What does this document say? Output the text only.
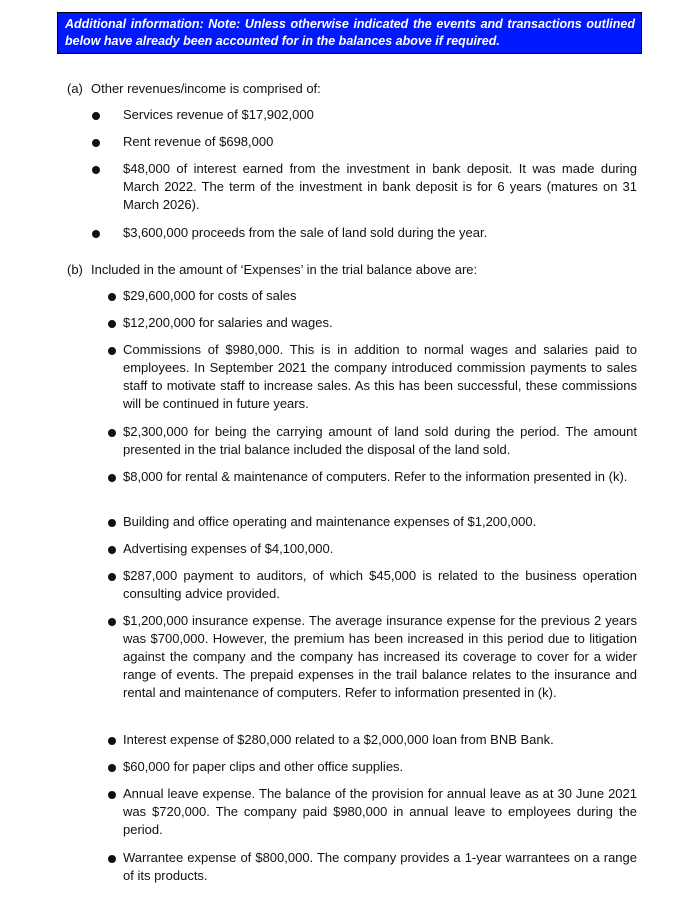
Additional information: Note: Unless otherwise indicated the events and transactions outlined below have already been accounted for in the balances above if required.
(a) Other revenues/income is comprised of:
Services revenue of $17,902,000
Rent revenue of $698,000
$48,000 of interest earned from the investment in bank deposit. It was made during March 2022. The term of the investment in bank deposit is for 6 years (matures on 31 March 2026).
$3,600,000 proceeds from the sale of land sold during the year.
(b) Included in the amount of ‘Expenses’ in the trial balance above are:
$29,600,000 for costs of sales
$12,200,000 for salaries and wages.
Commissions of $980,000. This is in addition to normal wages and salaries paid to employees. In September 2021 the company introduced commission payments to sales staff to motivate staff to increase sales. As this has been successful, these commissions will be continued in future years.
$2,300,000 for being the carrying amount of land sold during the period. The amount presented in the trial balance included the disposal of the land sold.
$8,000 for rental & maintenance of computers. Refer to the information presented in (k).
Building and office operating and maintenance expenses of $1,200,000.
Advertising expenses of $4,100,000.
$287,000 payment to auditors, of which $45,000 is related to the business operation consulting advice provided.
$1,200,000 insurance expense. The average insurance expense for the previous 2 years was $700,000. However, the premium has been increased in this period due to litigation against the company and the company has increased its coverage to cover for a wider range of events. The prepaid expenses in the trail balance relates to the insurance and rental and maintenance of computers. Refer to information presented in (k).
Interest expense of $280,000 related to a $2,000,000 loan from BNB Bank.
$60,000 for paper clips and other office supplies.
Annual leave expense. The balance of the provision for annual leave as at 30 June 2021 was $720,000. The company paid $980,000 in annual leave to employees during the period.
Warrantee expense of $800,000. The company provides a 1-year warrantees on a range of its products.
